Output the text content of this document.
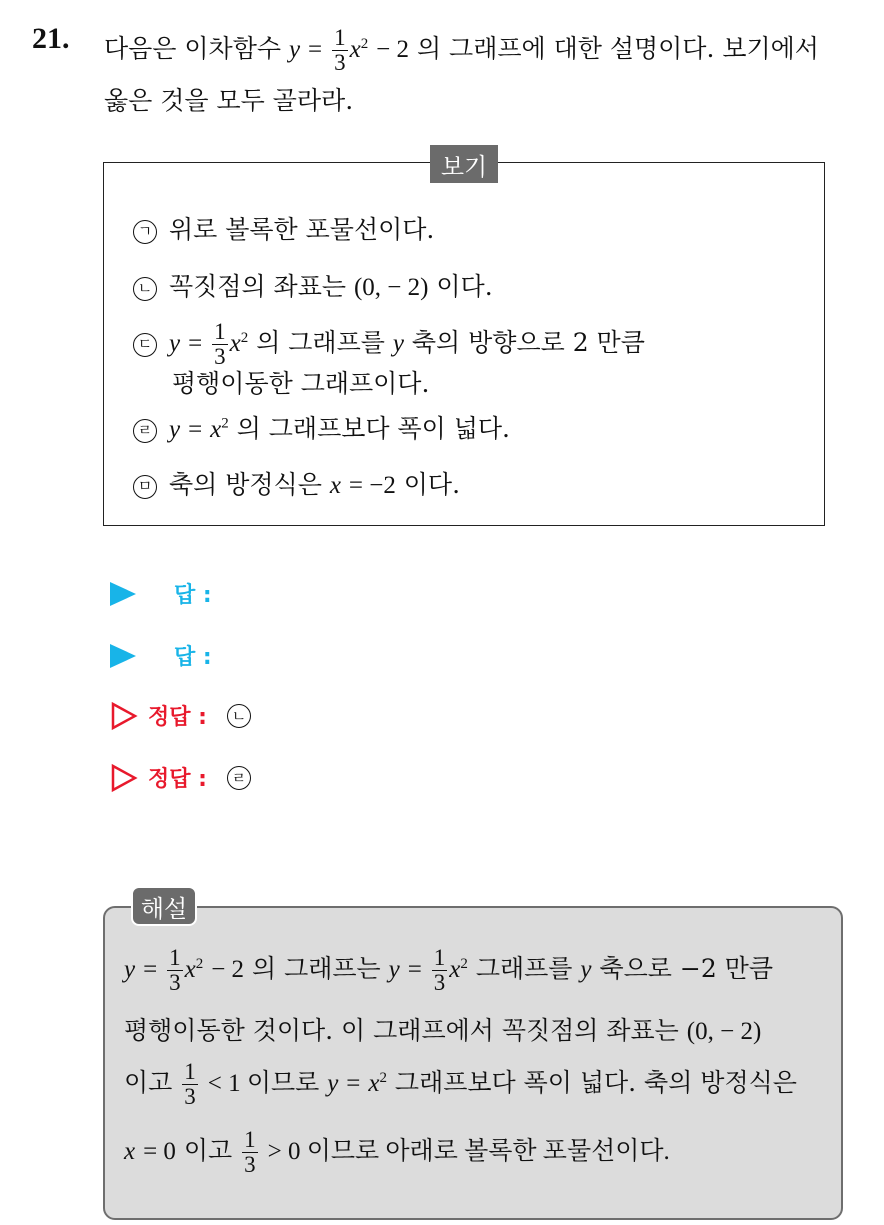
21. 다음은 이차함수 $y = \frac{1}{3} x^2 - 2$ 의 그래프에 대한 설명이다. 보기에서
옳은 것을 모두 골라라.
보기
ㄱ 위로 볼록한 포물선이다.
ㄴ 꼭짓점의 좌표는 (0, − 2) 이다.
ㄷ $y = \frac{1}{3} x^2$ 의 그래프를 y 축의 방향으로 2 만큼
평행이동한 그래프이다.
ㄹ $y = x^2$ 의 그래프보다 폭이 넓다.
ㅁ 축의 방정식은 x = −2 이다.
답 :
답 :
정답 :	ㄴ
정답 :	ㄹ
해설
$y = \frac{1}{3} x^2 - 2$ 의 그래프는 $y = \frac{1}{3} x^2$ 그래프를 y 축으로 −2 만큼
평행이동한 것이다. 이 그래프에서 꼭짓점의 좌표는 (0, − 2)
이고 $\frac{1}{3} < 1$ 이므로 $y = x^2$ 그래프보다 폭이 넓다. 축의 방정식은
x = 0 이고 $\frac{1}{3} > 0$ 이므로 아래로 볼록한 포물선이다.
